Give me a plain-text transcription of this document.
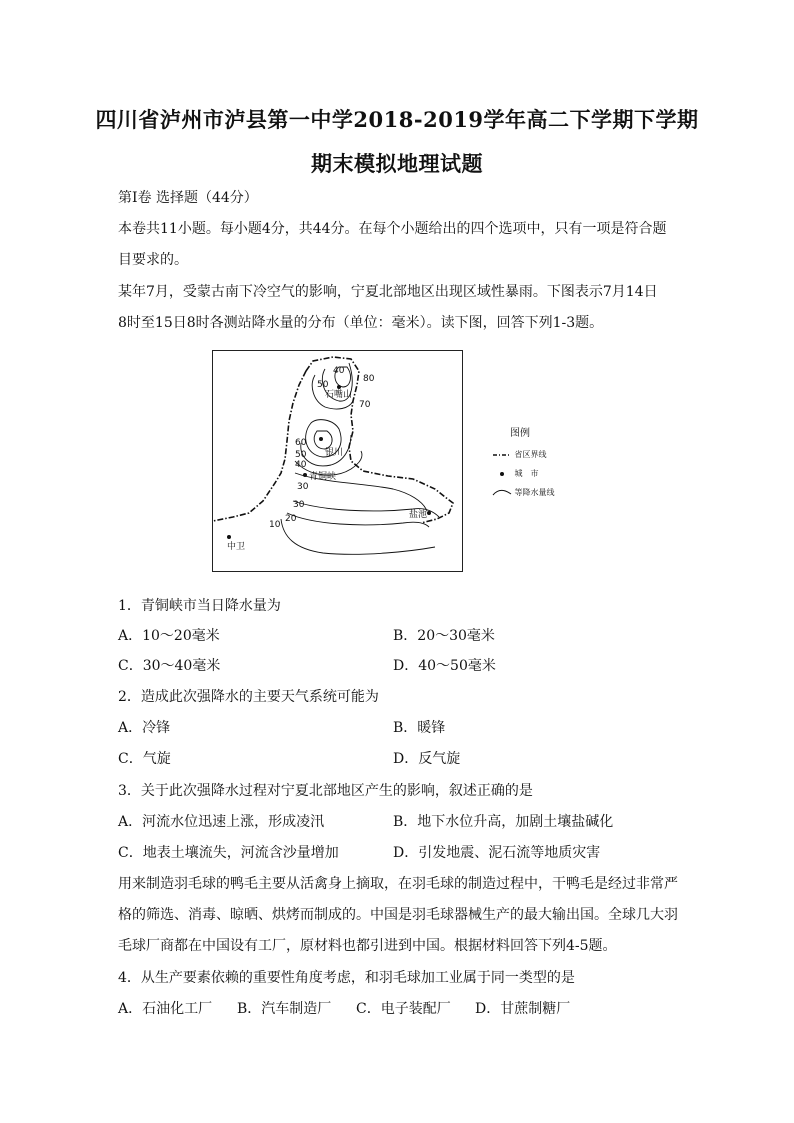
四川省泸州市泸县第一中学2018-2019学年高二下学期下学期
期末模拟地理试题
第Ⅰ卷 选择题（44分）
本卷共11小题。每小题4分，共44分。在每个小题给出的四个选项中，只有一项是符合题
目要求的。
某年7月，受蒙古南下冷空气的影响，宁夏北部地区出现区域性暴雨。下图表示7月14日
8时至15日8时各测站降水量的分布（单位：毫米）。读下图，回答下列1-3题。
石嘴山
银川
青铜峡
盐池
中卫
40
50
80
70
60
50
40
30
30
20
10
图例
省区界线
城　市
等降水量线
1．青铜峡市当日降水量为
A．10～20毫米	B．20～30毫米
C．30～40毫米	D．40～50毫米
2．造成此次强降水的主要天气系统可能为
A．冷锋	B．暖锋
C．气旋	D．反气旋
3．关于此次强降水过程对宁夏北部地区产生的影响，叙述正确的是
A．河流水位迅速上涨，形成凌汛	B．地下水位升高，加剧土壤盐碱化
C．地表土壤流失，河流含沙量增加	D．引发地震、泥石流等地质灾害
用来制造羽毛球的鸭毛主要从活禽身上摘取，在羽毛球的制造过程中，干鸭毛是经过非常严
格的筛选、消毒、晾晒、烘烤而制成的。中国是羽毛球器械生产的最大输出国。全球几大羽
毛球厂商都在中国设有工厂，原材料也都引进到中国。根据材料回答下列4-5题。
4．从生产要素依赖的重要性角度考虑，和羽毛球加工业属于同一类型的是
A．石油化工厂 B．汽车制造厂 C．电子装配厂 D．甘蔗制糖厂
